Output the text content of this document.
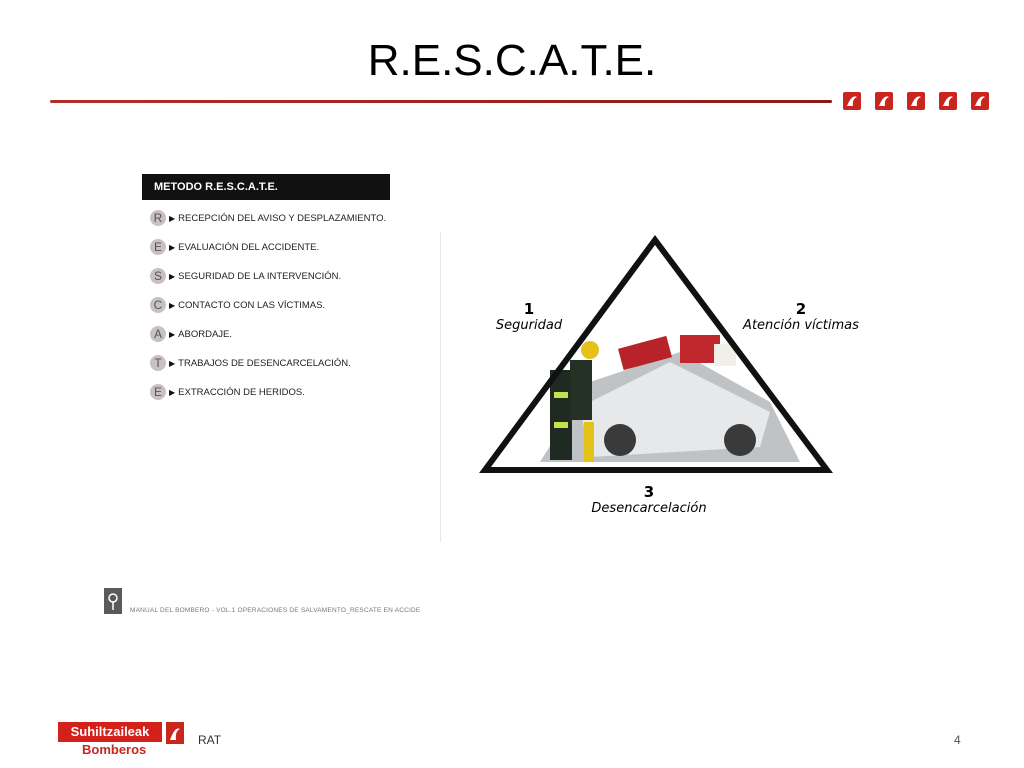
R.E.S.C.A.T.E.
METODO R.E.S.C.A.T.E.
R ▶ RECEPCIÓN DEL AVISO Y DESPLAZAMIENTO.
E ▶ EVALUACIÓN DEL ACCIDENTE.
S ▶ SEGURIDAD DE LA INTERVENCIÓN.
C ▶ CONTACTO CON LAS VÍCTIMAS.
A ▶ ABORDAJE.
T ▶ TRABAJOS DE DESENCARCELACIÓN.
E ▶ EXTRACCIÓN DE HERIDOS.
1
Seguridad
2
Atención víctimas
3
Desencarcelación
MANUAL DEL BOMBERO - VOL.1 OPERACIONES DE SALVAMENTO_RESCATE EN ACCIDE
Suhiltzaileak
Bomberos
RAT	4
